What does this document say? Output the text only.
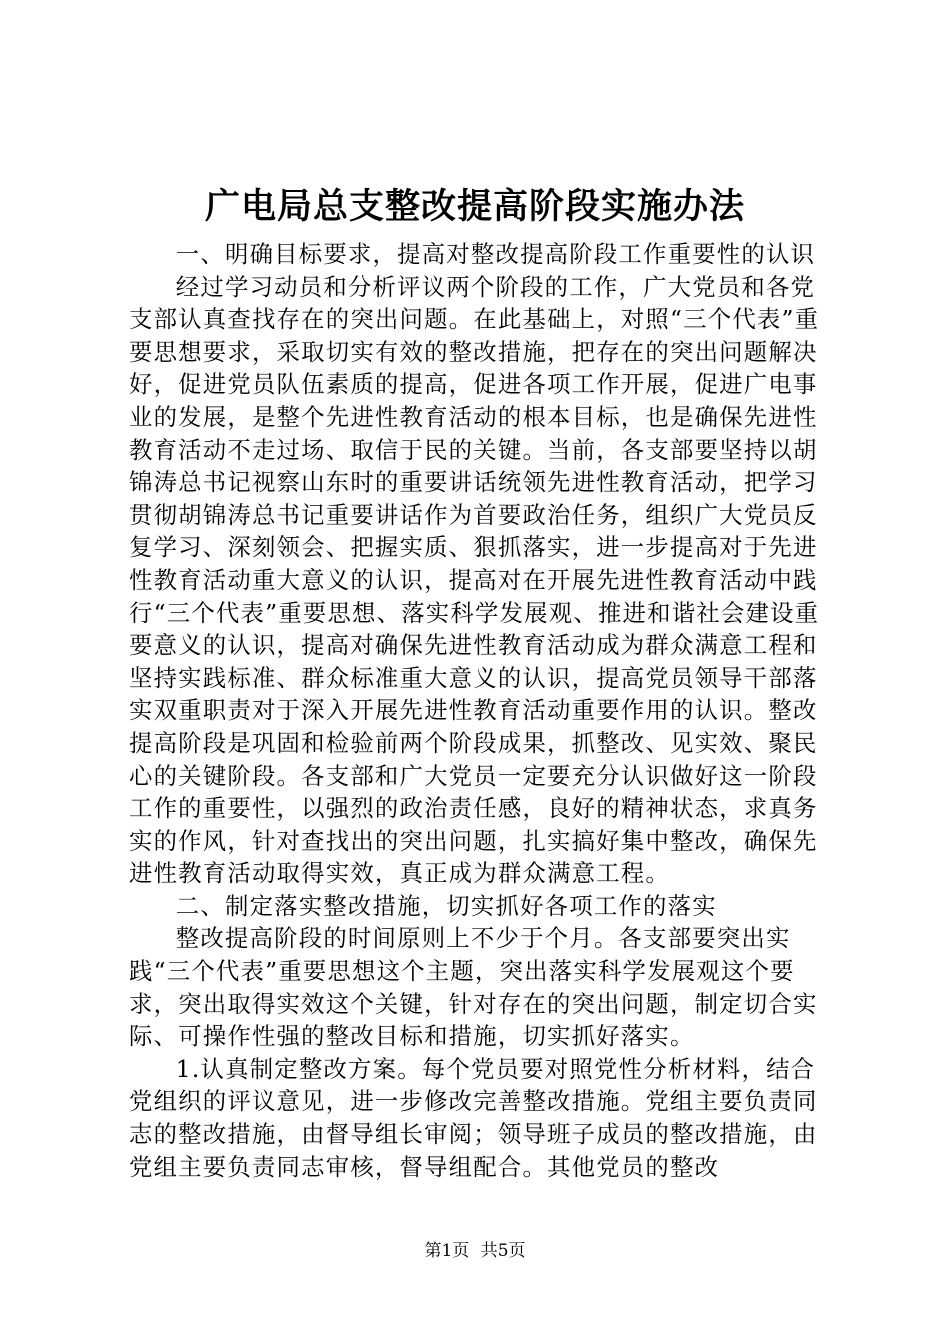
广电局总支整改提高阶段实施办法

一、明确目标要求，提高对整改提高阶段工作重要性的认识

经过学习动员和分析评议两个阶段的工作，广大党员和各党支部认真查找存在的突出问题。在此基础上，对照“三个代表”重要思想要求，采取切实有效的整改措施，把存在的突出问题解决好，促进党员队伍素质的提高，促进各项工作开展，促进广电事业的发展，是整个先进性教育活动的根本目标，也是确保先进性教育活动不走过场、取信于民的关键。当前，各支部要坚持以胡锦涛总书记视察山东时的重要讲话统领先进性教育活动，把学习贯彻胡锦涛总书记重要讲话作为首要政治任务，组织广大党员反复学习、深刻领会、把握实质、狠抓落实，进一步提高对于先进性教育活动重大意义的认识，提高对在开展先进性教育活动中践行“三个代表”重要思想、落实科学发展观、推进和谐社会建设重要意义的认识，提高对确保先进性教育活动成为群众满意工程和坚持实践标准、群众标准重大意义的认识，提高党员领导干部落实双重职责对于深入开展先进性教育活动重要作用的认识。整改提高阶段是巩固和检验前两个阶段成果，抓整改、见实效、聚民心的关键阶段。各支部和广大党员一定要充分认识做好这一阶段工作的重要性，以强烈的政治责任感，良好的精神状态，求真务实的作风，针对查找出的突出问题，扎实搞好集中整改，确保先进性教育活动取得实效，真正成为群众满意工程。

二、制定落实整改措施，切实抓好各项工作的落实

整改提高阶段的时间原则上不少于个月。各支部要突出实践“三个代表”重要思想这个主题，突出落实科学发展观这个要求，突出取得实效这个关键，针对存在的突出问题，制定切合实际、可操作性强的整改目标和措施，切实抓好落实。

1.认真制定整改方案。每个党员要对照党性分析材料，结合党组织的评议意见，进一步修改完善整改措施。党组主要负责同志的整改措施，由督导组长审阅；领导班子成员的整改措施，由党组主要负责同志审核，督导组配合。其他党员的整改

第1页 共5页
